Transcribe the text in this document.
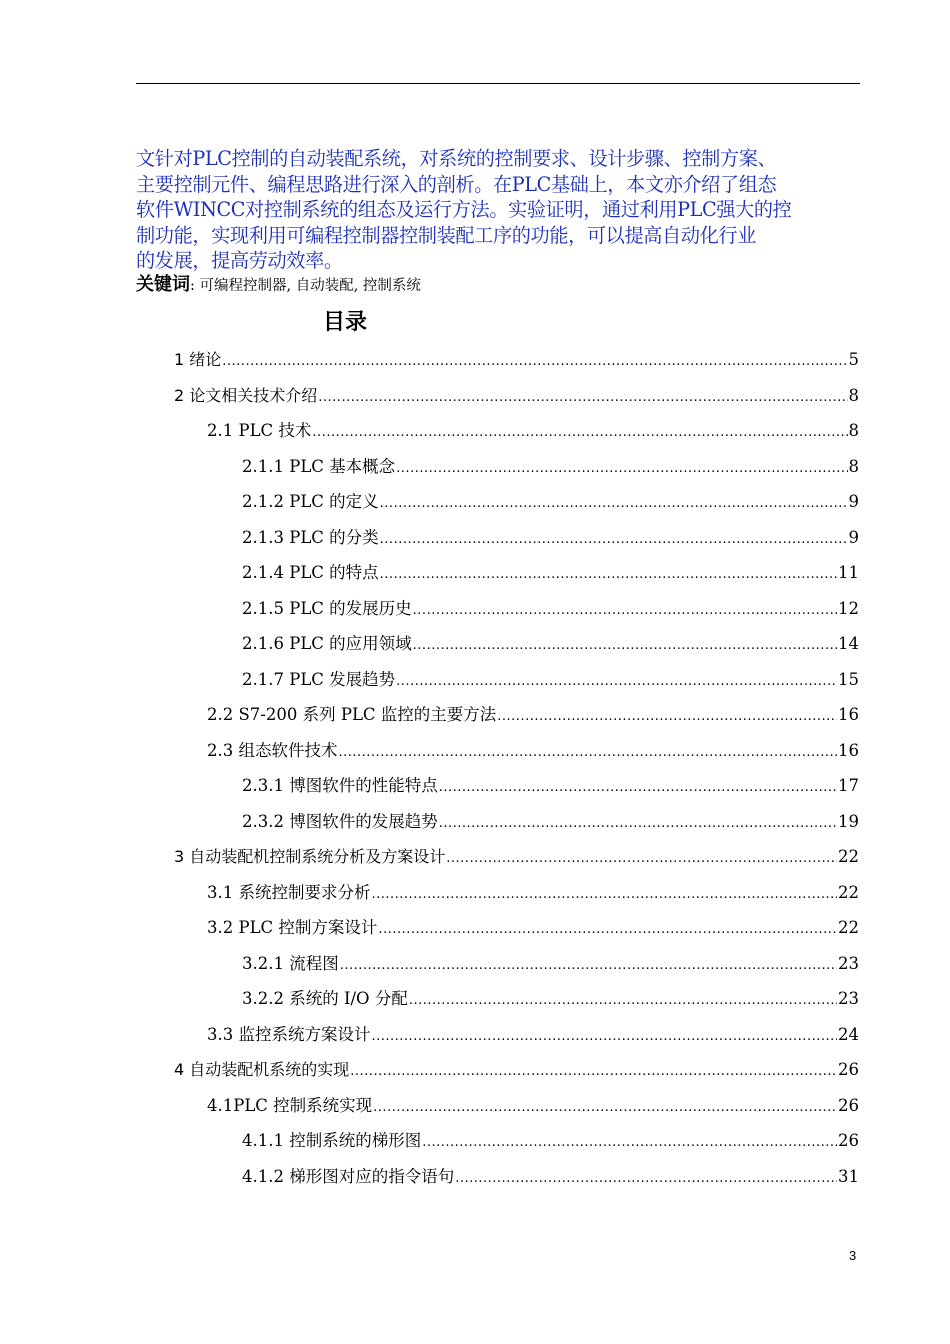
文针对PLC控制的自动装配系统，对系统的控制要求、设计步骤、控制方案、

主要控制元件、编程思路进行深入的剖析。在PLC基础上，本文亦介绍了组态

软件WINCC对控制系统的组态及运行方法。实验证明，通过利用PLC强大的控

制功能，实现利用可编程控制器控制装配工序的功能，可以提高自动化行业

的发展，提高劳动效率。

关键词: 可编程控制器, 自动装配, 控制系统
目录
1 绪论 .....	5
2 论文相关技术介绍 .....	8
2.1 PLC 技术 .....	8
2.1.1 PLC 基本概念 .....	8
2.1.2 PLC 的定义 .....	9
2.1.3 PLC 的分类 .....	9
2.1.4 PLC 的特点 .....	11
2.1.5 PLC 的发展历史 .....	12
2.1.6 PLC 的应用领域 .....	14
2.1.7 PLC 发展趋势 .....	15
2.2 S7-200 系列 PLC 监控的主要方法 .....	16
2.3 组态软件技术 .....	16
2.3.1 博图软件的性能特点 .....	17
2.3.2 博图软件的发展趋势 .....	19
3 自动装配机控制系统分析及方案设计 .....	22
3.1 系统控制要求分析 .....	22
3.2 PLC 控制方案设计 .....	22
3.2.1 流程图 .....	23
3.2.2 系统的 I/O 分配 .....	23
3.3 监控系统方案设计 .....	24
4 自动装配机系统的实现 .....	26
4.1PLC 控制系统实现 .....	26
4.1.1 控制系统的梯形图 .....	26
4.1.2 梯形图对应的指令语句 .....	31
3
